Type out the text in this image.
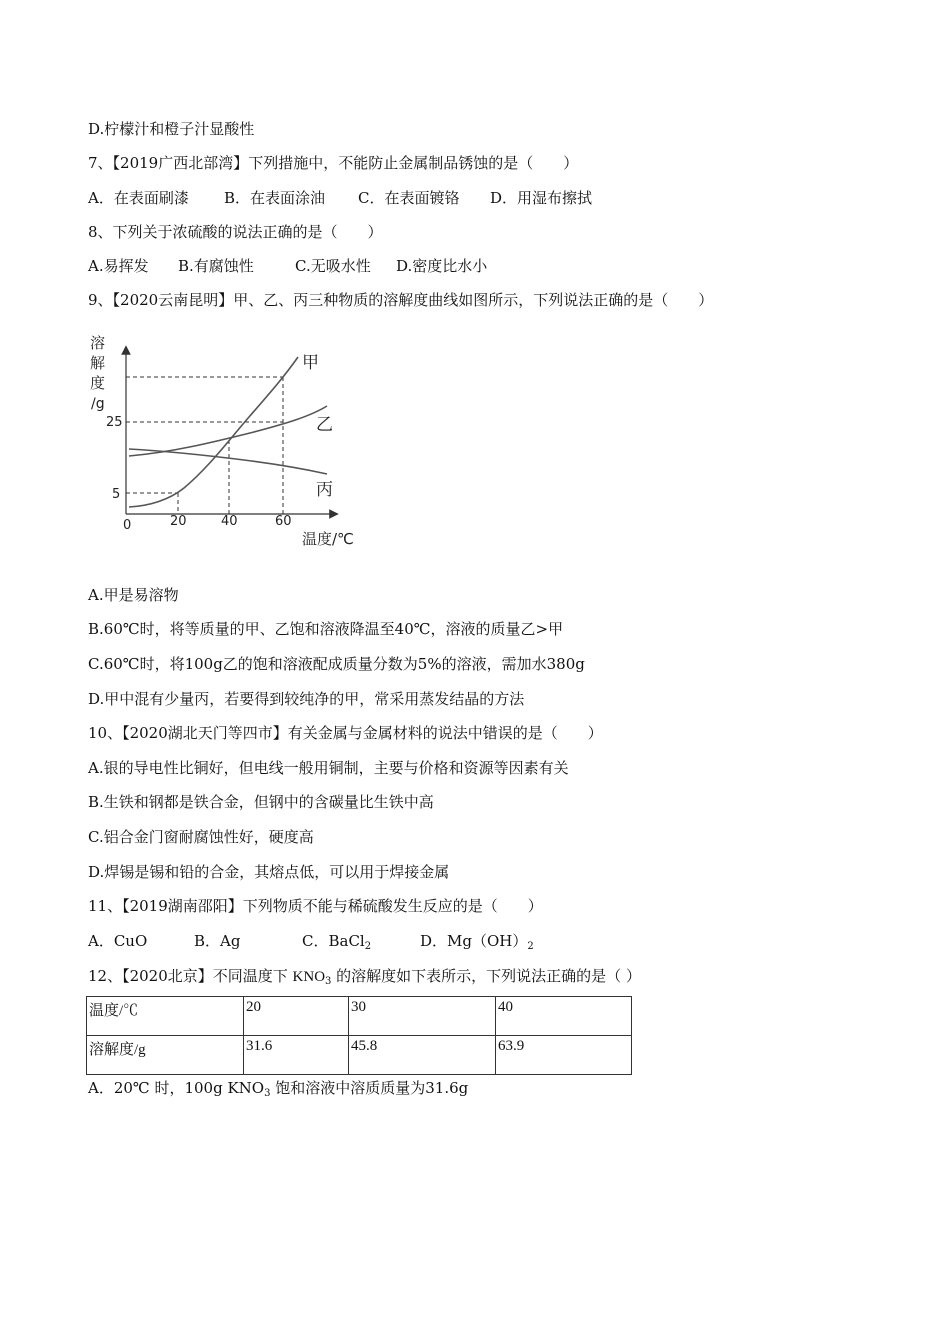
D.柠檬汁和橙子汁显酸性
7、【2019广西北部湾】下列措施中，不能防止金属制品锈蚀的是（　　）
A．在表面刷漆 B．在表面涂油 C．在表面镀铬 D．用湿布擦拭
8、下列关于浓硫酸的说法正确的是（　　）
A.易挥发 B.有腐蚀性	C.无吸水性 D.密度比水小
9、【2020云南昆明】甲、乙、丙三种物质的溶解度曲线如图所示，下列说法正确的是（　　）
溶
解
度
/g
甲
乙
丙
25
5
0	20	40	60
温度/℃
A.甲是易溶物
B.60℃时，将等质量的甲、乙饱和溶液降温至40℃，溶液的质量乙>甲
C.60℃时，将100g乙的饱和溶液配成质量分数为5%的溶液，需加水380g
D.甲中混有少量丙，若要得到较纯净的甲，常采用蒸发结晶的方法
10、【2020湖北天门等四市】有关金属与金属材料的说法中错误的是（　　）
A.银的导电性比铜好，但电线一般用铜制，主要与价格和资源等因素有关
B.生铁和钢都是铁合金，但钢中的含碳量比生铁中高
C.铝合金门窗耐腐蚀性好，硬度高
D.焊锡是锡和铅的合金，其熔点低，可以用于焊接金属
11、【2019湖南邵阳】下列物质不能与稀硫酸发生反应的是（　　）
A．CuO	B．Ag	C．BaCl$_2$	D．$Mg(OH)_2$
12、【2020北京】不同温度下 $KNO_3$ 的溶解度如下表所示，下列说法正确的是（ ）
温度/℃	20	30	40
溶解度/g	31.6	45.8	63.9
A．20℃ 时，100g $KNO_3$ 饱和溶液中溶质质量为31.6g
